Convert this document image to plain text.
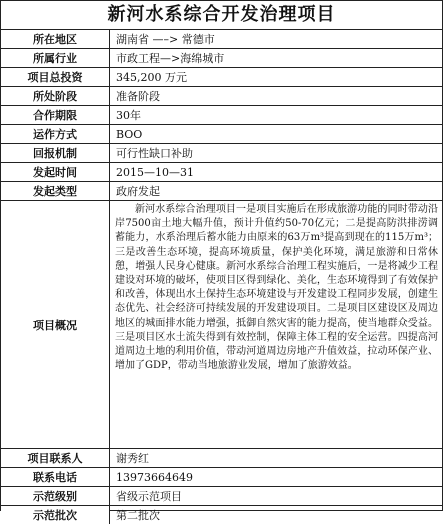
新河水系综合开发治理项目
所在地区	湖南省 —–> 常德市
所属行业	市政工程—>海绵城市
项目总投资	345,200 万元
所处阶段	准备阶段
合作期限	30年
运作方式	BOO
回报机制	可行性缺口补助
发起时间	2015—10—31
发起类型	政府发起
项目概况	新河水系综合治理项目一是项目实施后在形成旅游功能的同时带动沿岸7500亩土地大幅升值，预计升值约50-70亿元；二是提高防洪排涝调蓄能力，水系治理后蓄水能力由原来的63万m³提高到现在的115万m³；三是改善生态环境，提高环境质量，保护美化环境，满足旅游和日常休憩，增强人民身心健康。新河水系综合治理工程实施后，一是将减少工程建设对环境的破坏，使项目区得到绿化、美化，生态环境得到了有效保护和改善，体现出水土保持生态环境建设与开发建设工程同步发展，创建生态优先、社会经济可持续发展的开发建设项目。二是项目区建设区及周边地区的城面排水能力增强，抵御自然灾害的能力提高，使当地群众受益。三是项目区水土流失得到有效控制，保障主体工程的安全运营。四提高河道周边土地的利用价值，带动河道周边房地产升值效益，拉动环保产业、增加了GDP，带动当地旅游业发展，增加了旅游效益。
项目联系人	谢秀红
联系电话	13973664649
示范级别	省级示范项目
示范批次	第二批次
